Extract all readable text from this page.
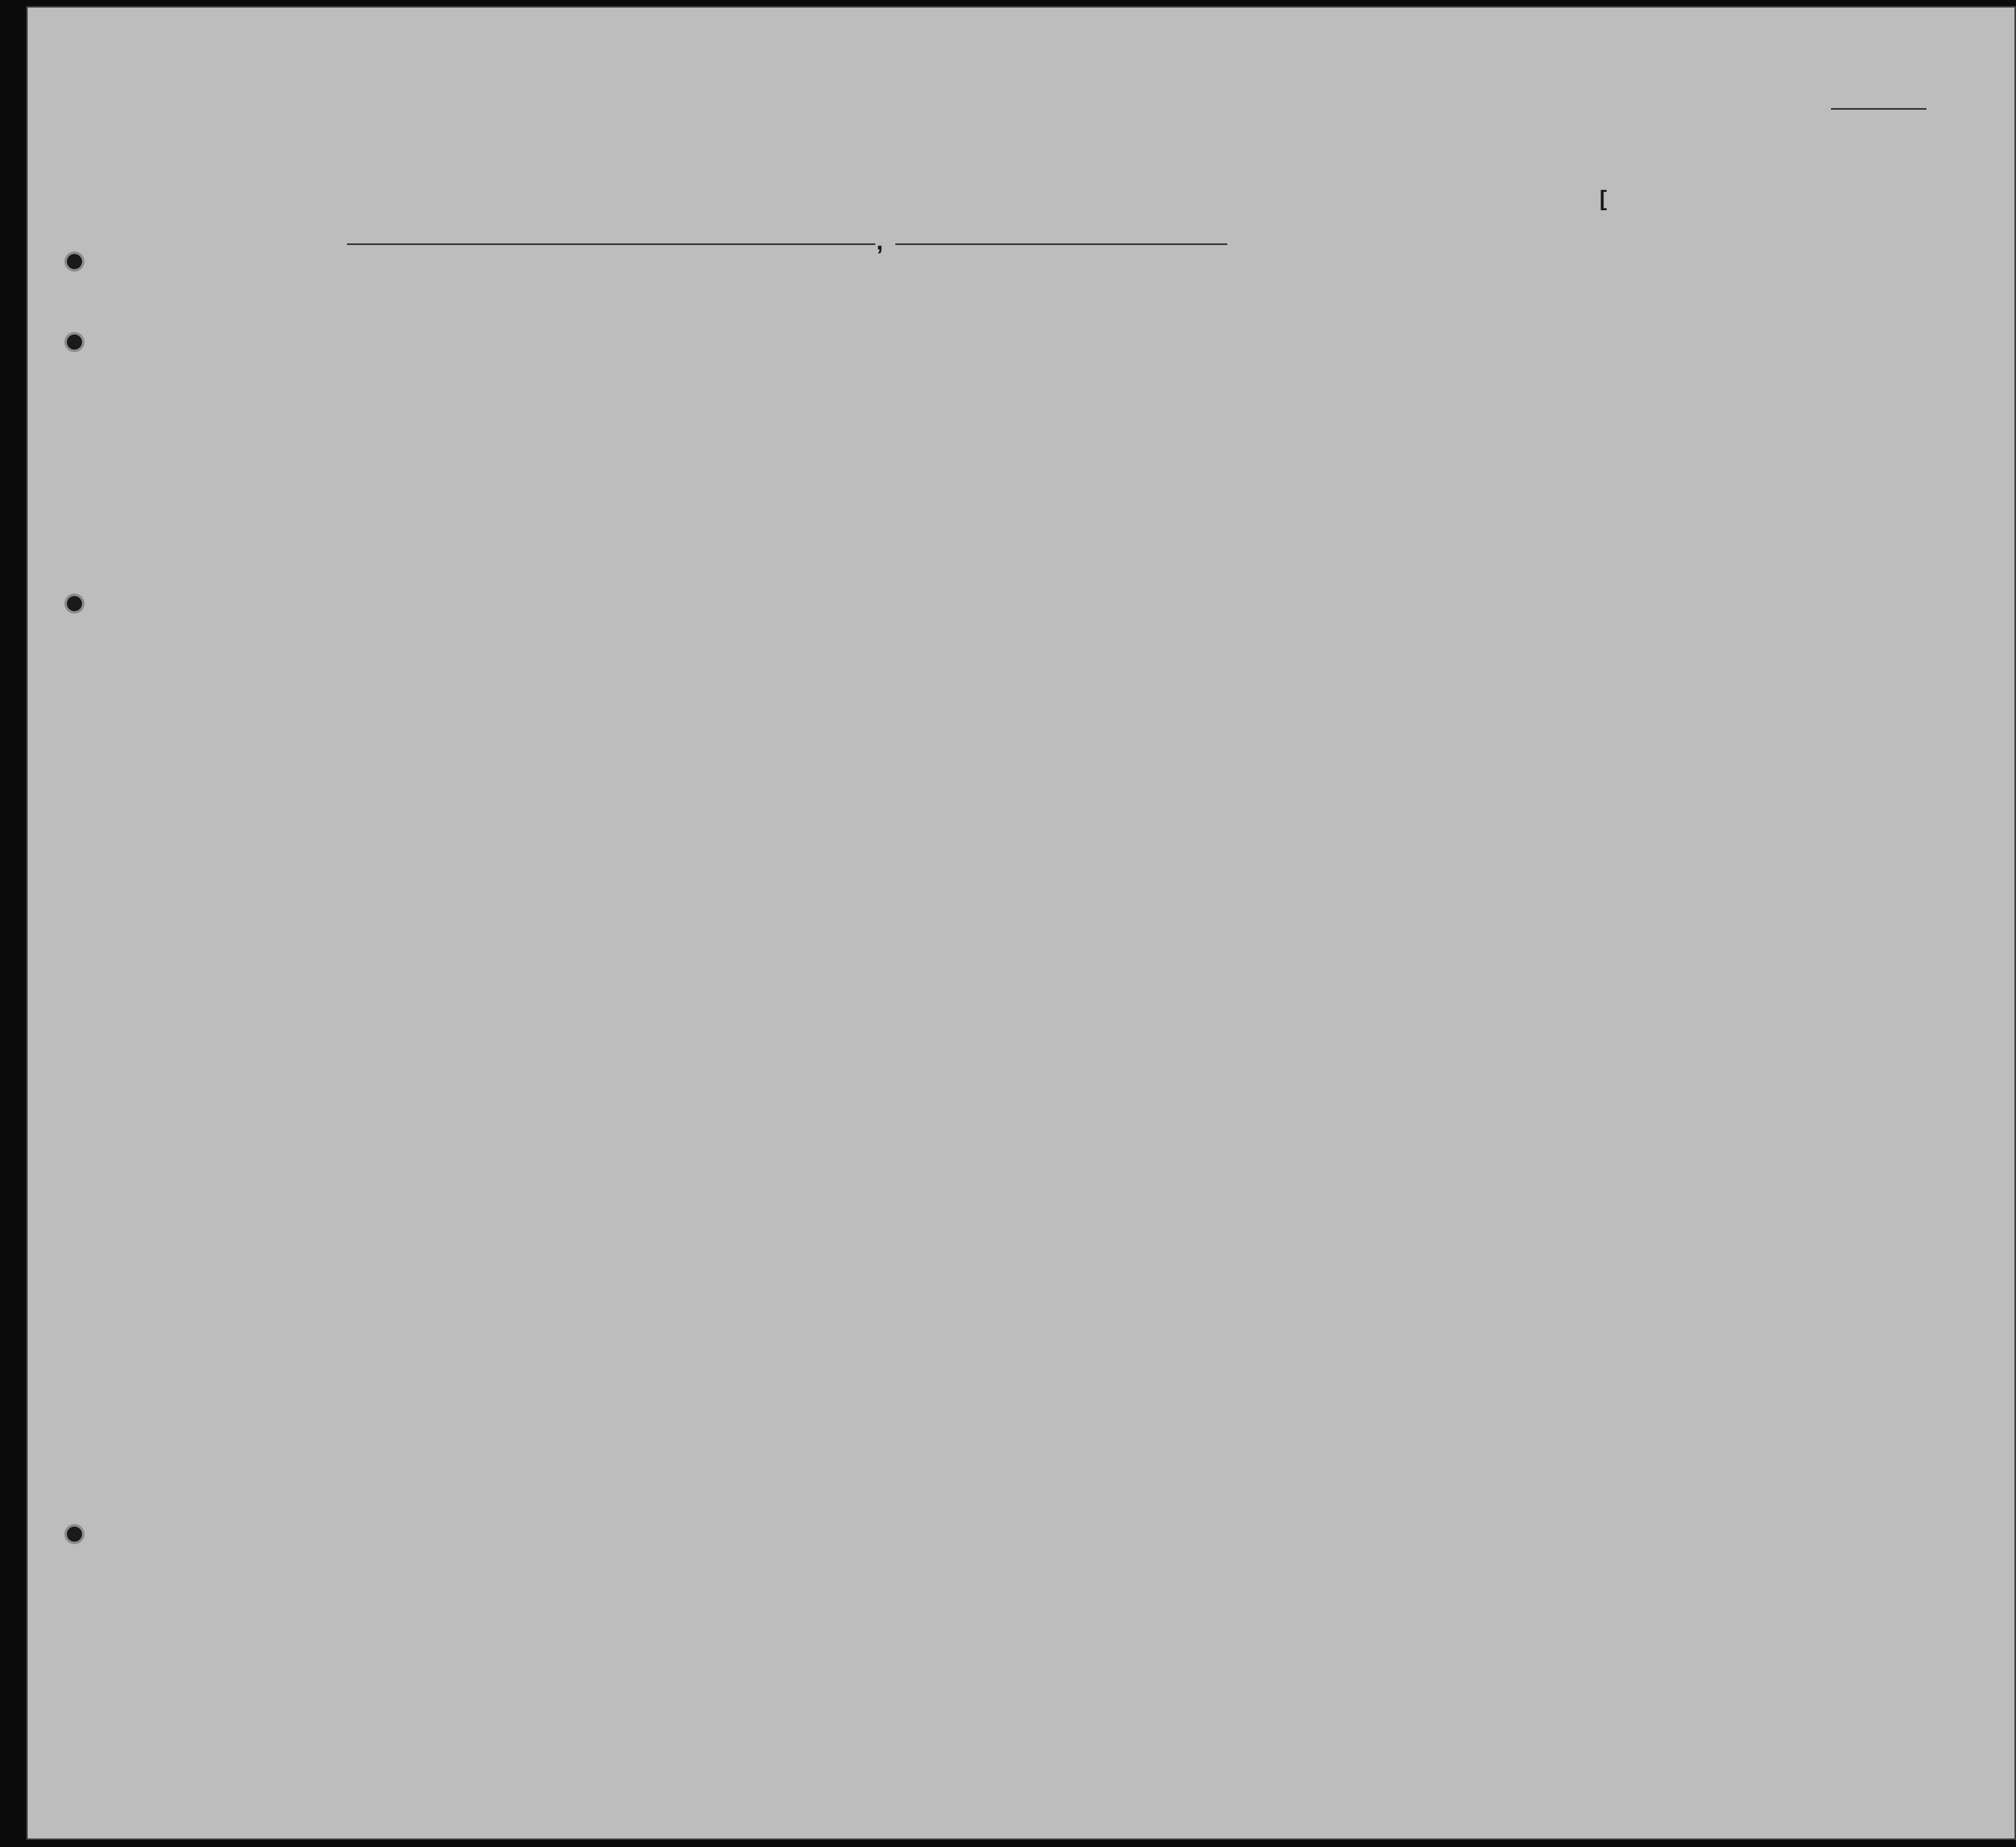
,
[
